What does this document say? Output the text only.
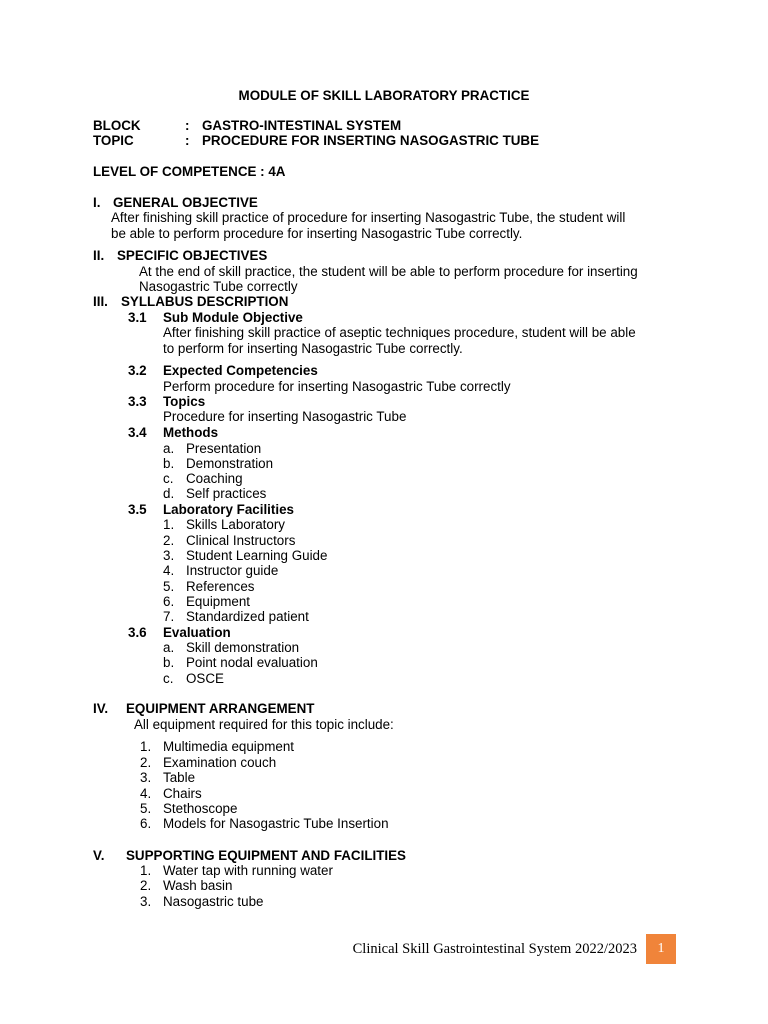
MODULE OF SKILL LABORATORY PRACTICE
BLOCK	: GASTRO-INTESTINAL SYSTEM
TOPIC	: PROCEDURE FOR INSERTING NASOGASTRIC TUBE
LEVEL OF COMPETENCE : 4A
I. GENERAL OBJECTIVE
After finishing skill practice of procedure for inserting Nasogastric Tube, the student will
be able to perform procedure for inserting Nasogastric Tube correctly.
II. SPECIFIC OBJECTIVES
At the end of skill practice, the student will be able to perform procedure for inserting
Nasogastric Tube correctly
III. SYLLABUS DESCRIPTION
3.1 Sub Module Objective
After finishing skill practice of aseptic techniques procedure, student will be able
to perform for inserting Nasogastric Tube correctly.
3.2 Expected Competencies
Perform procedure for inserting Nasogastric Tube correctly
3.3 Topics
Procedure for inserting Nasogastric Tube
3.4 Methods
a. Presentation
b. Demonstration
c. Coaching
d. Self practices
3.5 Laboratory Facilities
1. Skills Laboratory
2. Clinical Instructors
3. Student Learning Guide
4. Instructor guide
5. References
6. Equipment
7. Standardized patient
3.6 Evaluation
a. Skill demonstration
b. Point nodal evaluation
c. OSCE
IV. EQUIPMENT ARRANGEMENT
All equipment required for this topic include:
1. Multimedia equipment
2. Examination couch
3. Table
4. Chairs
5. Stethoscope
6. Models for Nasogastric Tube Insertion
V. SUPPORTING EQUIPMENT AND FACILITIES
1. Water tap with running water
2. Wash basin
3. Nasogastric tube
Clinical Skill Gastrointestinal System 2022/2023	1
